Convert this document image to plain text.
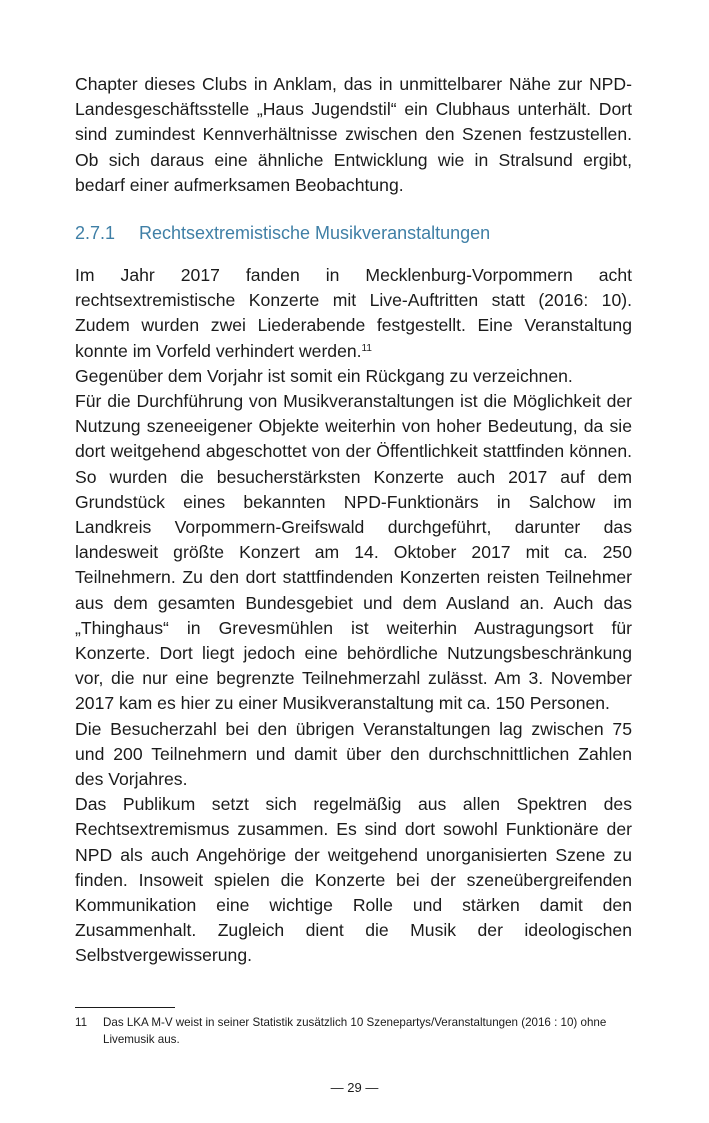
Chapter dieses Clubs in Anklam, das in unmittelbarer Nähe zur NPD-Landesgeschäftsstelle „Haus Jugendstil“ ein Clubhaus unterhält. Dort sind zumindest Kennverhältnisse zwischen den Szenen festzustellen. Ob sich daraus eine ähnliche Entwicklung wie in Stralsund ergibt, bedarf einer aufmerksamen Beobachtung.

2.7.1 Rechtsextremistische Musikveranstaltungen

Im Jahr 2017 fanden in Mecklenburg-Vorpommern acht rechtsextremistische Konzerte mit Live-Auftritten statt (2016: 10). Zudem wurden zwei Liederabende festgestellt. Eine Veranstaltung konnte im Vorfeld verhindert werden.$^{11}$

Gegenüber dem Vorjahr ist somit ein Rückgang zu verzeichnen.

Für die Durchführung von Musikveranstaltungen ist die Möglichkeit der Nutzung szeneeigener Objekte weiterhin von hoher Bedeutung, da sie dort weitgehend abgeschottet von der Öffentlichkeit stattfinden können. So wurden die besucherstärksten Konzerte auch 2017 auf dem Grundstück eines bekannten NPD-Funktionärs in Salchow im Landkreis Vorpommern-Greifswald durchgeführt, darunter das landesweit größte Konzert am 14. Oktober 2017 mit ca. 250 Teilnehmern. Zu den dort stattfindenden Konzerten reisten Teilnehmer aus dem gesamten Bundesgebiet und dem Ausland an. Auch das „Thinghaus“ in Grevesmühlen ist weiterhin Austragungsort für Konzerte. Dort liegt jedoch eine behördliche Nutzungsbeschränkung vor, die nur eine begrenzte Teilnehmerzahl zulässt. Am 3. November 2017 kam es hier zu einer Musikveranstaltung mit ca. 150 Personen.

Die Besucherzahl bei den übrigen Veranstaltungen lag zwischen 75 und 200 Teilnehmern und damit über den durchschnittlichen Zahlen des Vorjahres.

Das Publikum setzt sich regelmäßig aus allen Spektren des Rechtsextremismus zusammen. Es sind dort sowohl Funktionäre der NPD als auch Angehörige der weitgehend unorganisierten Szene zu finden. Insoweit spielen die Konzerte bei der szeneübergreifenden Kommunikation eine wichtige Rolle und stärken damit den Zusammenhalt. Zugleich dient die Musik der ideologischen Selbstvergewisserung.

11 Das LKA M-V weist in seiner Statistik zusätzlich 10 Szenepartys/Veranstaltungen (2016 : 10) ohne Livemusik aus.
— 29 —
